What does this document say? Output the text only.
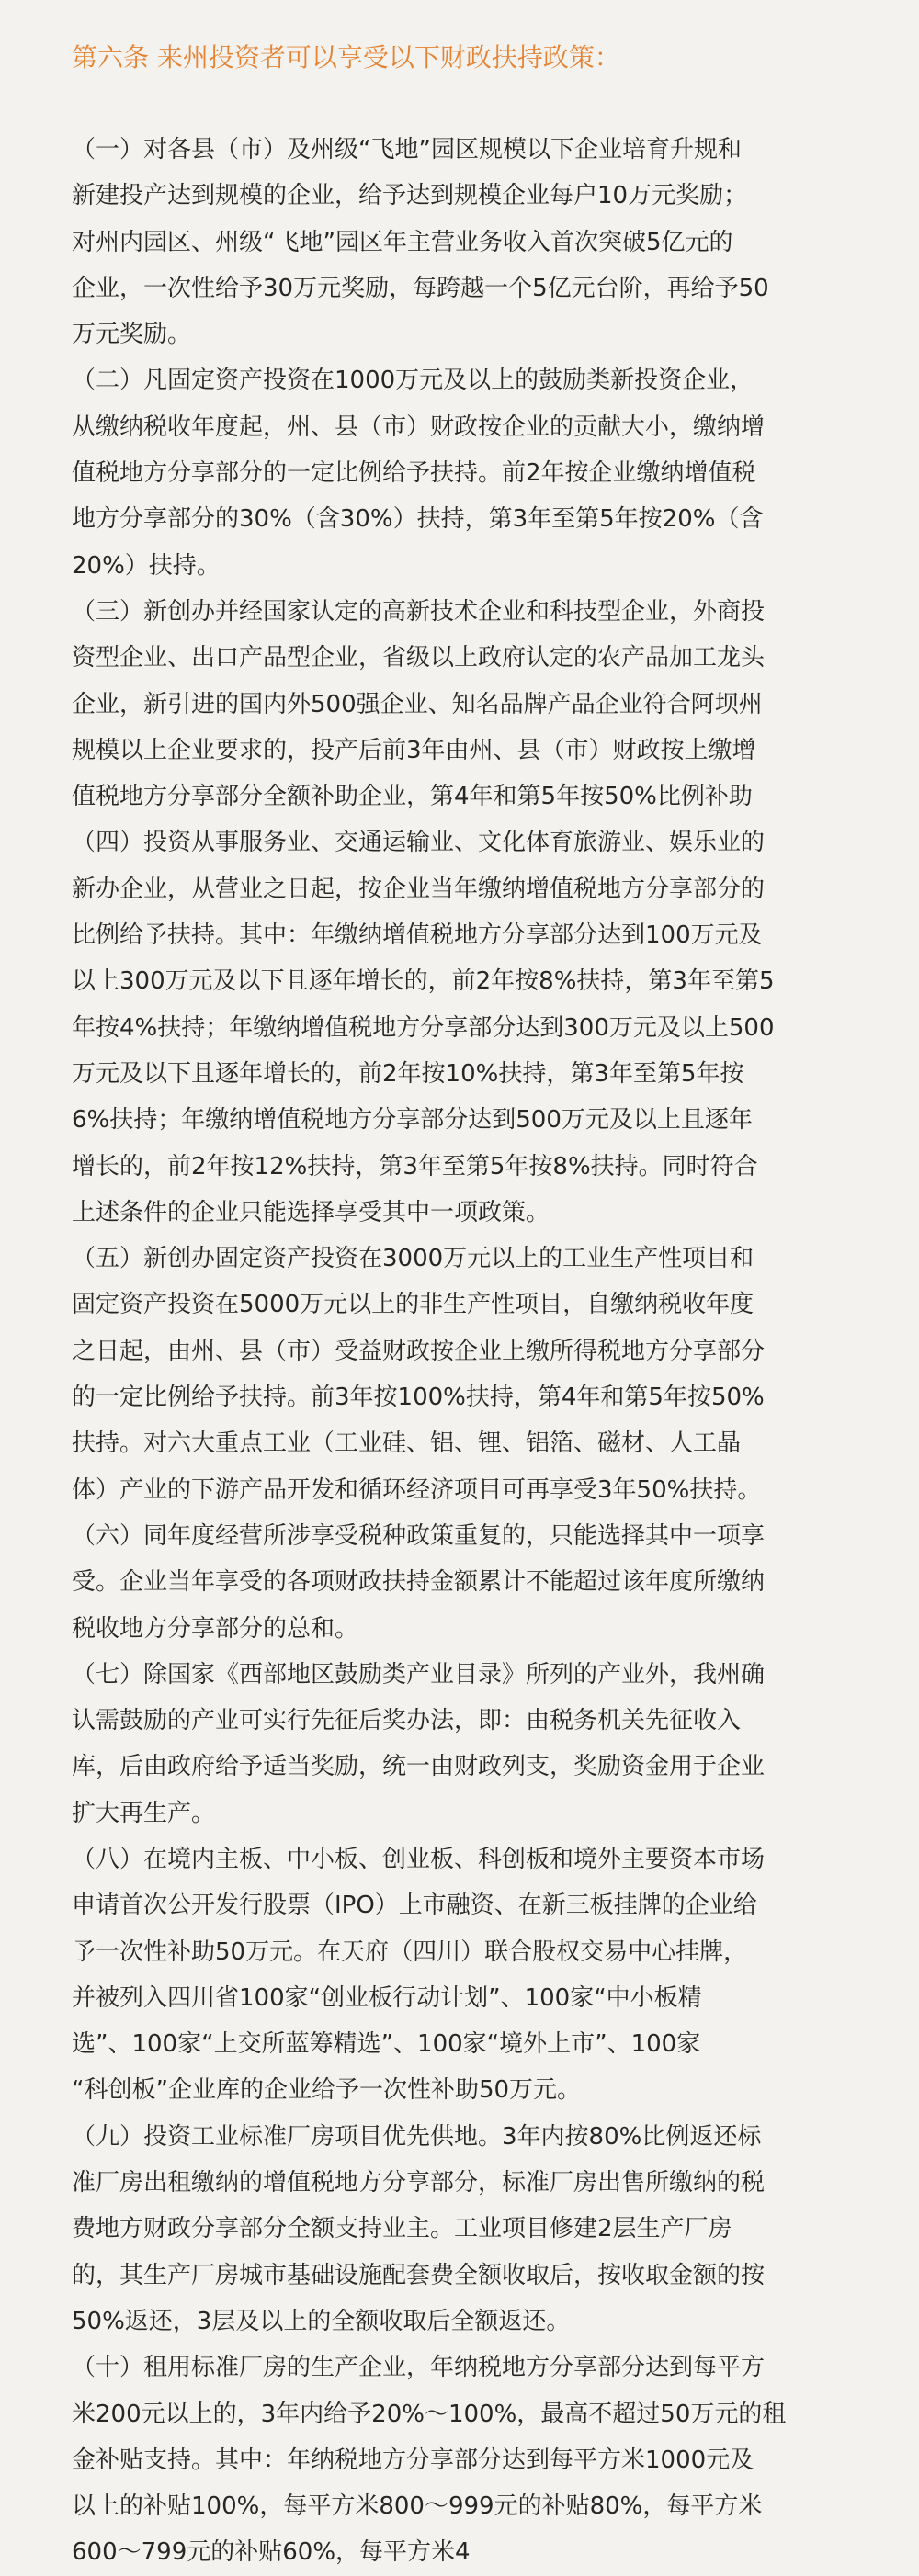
第六条 来州投资者可以享受以下财政扶持政策：
（一）对各县（市）及州级“飞地”园区规模以下企业培育升规和
新建投产达到规模的企业，给予达到规模企业每户10万元奖励；
对州内园区、州级“飞地”园区年主营业务收入首次突破5亿元的
企业，一次性给予30万元奖励，每跨越一个5亿元台阶，再给予50
万元奖励。
（二）凡固定资产投资在1000万元及以上的鼓励类新投资企业，
从缴纳税收年度起，州、县（市）财政按企业的贡献大小，缴纳增
值税地方分享部分的一定比例给予扶持。前2年按企业缴纳增值税
地方分享部分的30%（含30%）扶持，第3年至第5年按20%（含
20%）扶持。
（三）新创办并经国家认定的高新技术企业和科技型企业，外商投
资型企业、出口产品型企业，省级以上政府认定的农产品加工龙头
企业，新引进的国内外500强企业、知名品牌产品企业符合阿坝州
规模以上企业要求的，投产后前3年由州、县（市）财政按上缴增
值税地方分享部分全额补助企业，第4年和第5年按50%比例补助
（四）投资从事服务业、交通运输业、文化体育旅游业、娱乐业的
新办企业，从营业之日起，按企业当年缴纳增值税地方分享部分的
比例给予扶持。其中：年缴纳增值税地方分享部分达到100万元及
以上300万元及以下且逐年增长的，前2年按8%扶持，第3年至第5
年按4%扶持；年缴纳增值税地方分享部分达到300万元及以上500
万元及以下且逐年增长的，前2年按10%扶持，第3年至第5年按
6%扶持；年缴纳增值税地方分享部分达到500万元及以上且逐年
增长的，前2年按12%扶持，第3年至第5年按8%扶持。同时符合
上述条件的企业只能选择享受其中一项政策。
（五）新创办固定资产投资在3000万元以上的工业生产性项目和
固定资产投资在5000万元以上的非生产性项目，自缴纳税收年度
之日起，由州、县（市）受益财政按企业上缴所得税地方分享部分
的一定比例给予扶持。前3年按100%扶持，第4年和第5年按50%
扶持。对六大重点工业（工业硅、铝、锂、铝箔、磁材、人工晶
体）产业的下游产品开发和循环经济项目可再享受3年50%扶持。
（六）同年度经营所涉享受税种政策重复的，只能选择其中一项享
受。企业当年享受的各项财政扶持金额累计不能超过该年度所缴纳
税收地方分享部分的总和。
（七）除国家《西部地区鼓励类产业目录》所列的产业外，我州确
认需鼓励的产业可实行先征后奖办法，即：由税务机关先征收入
库，后由政府给予适当奖励，统一由财政列支，奖励资金用于企业
扩大再生产。
（八）在境内主板、中小板、创业板、科创板和境外主要资本市场
申请首次公开发行股票（IPO）上市融资、在新三板挂牌的企业给
予一次性补助50万元。在天府（四川）联合股权交易中心挂牌，
并被列入四川省100家“创业板行动计划”、100家“中小板精
选”、100家“上交所蓝筹精选”、100家“境外上市”、100家
“科创板”企业库的企业给予一次性补助50万元。
（九）投资工业标准厂房项目优先供地。3年内按80%比例返还标
准厂房出租缴纳的增值税地方分享部分，标准厂房出售所缴纳的税
费地方财政分享部分全额支持业主。工业项目修建2层生产厂房
的，其生产厂房城市基础设施配套费全额收取后，按收取金额的按
50%返还，3层及以上的全额收取后全额返还。
（十）租用标准厂房的生产企业，年纳税地方分享部分达到每平方
米200元以上的，3年内给予20%～100%，最高不超过50万元的租
金补贴支持。其中：年纳税地方分享部分达到每平方米1000元及
以上的补贴100%，每平方米800～999元的补贴80%，每平方米
600～799元的补贴60%，每平方米4
